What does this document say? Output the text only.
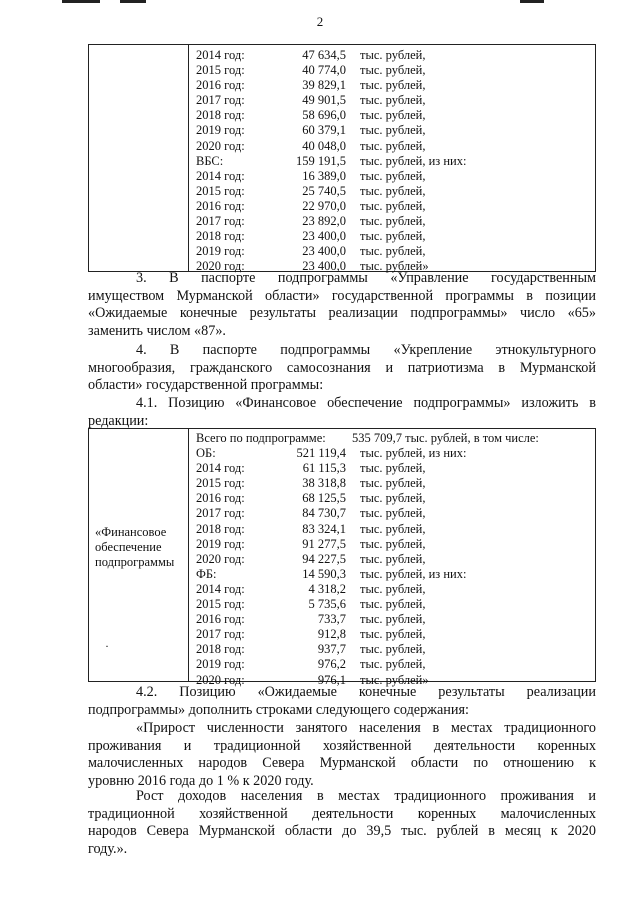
2
2014 год:	47 634,5 тыс. рублей,
2015 год:	40 774,0 тыс. рублей,
2016 год:	39 829,1 тыс. рублей,
2017 год:	49 901,5 тыс. рублей,
2018 год:	58 696,0 тыс. рублей,
2019 год:	60 379,1 тыс. рублей,
2020 год:	40 048,0 тыс. рублей,
ВБС:	159 191,5 тыс. рублей, из них:
2014 год:	16 389,0 тыс. рублей,
2015 год:	25 740,5 тыс. рублей,
2016 год:	22 970,0 тыс. рублей,
2017 год:	23 892,0 тыс. рублей,
2018 год:	23 400,0 тыс. рублей,
2019 год:	23 400,0 тыс. рублей,
2020 год:	23 400,0 тыс. рублей»
3. В паспорте подпрограммы «Управление государственным
имуществом Мурманской области» государственной программы в позиции
«Ожидаемые конечные результаты реализации подпрограммы» число «65»
заменить числом «87».
4. В паспорте подпрограммы «Укрепление этнокультурного
многообразия, гражданского самосознания и патриотизма в Мурманской
области» государственной программы:
4.1. Позицию «Финансовое обеспечение подпрограммы» изложить в
редакции:
«Финансовое
обеспечение
подпрограммы
·
Всего по подпрограмме: 535 709,7 тыс. рублей, в том числе:
ОБ:	521 119,4 тыс. рублей, из них:
2014 год:	61 115,3 тыс. рублей,
2015 год:	38 318,8 тыс. рублей,
2016 год:	68 125,5 тыс. рублей,
2017 год:	84 730,7 тыс. рублей,
2018 год:	83 324,1 тыс. рублей,
2019 год:	91 277,5 тыс. рублей,
2020 год:	94 227,5 тыс. рублей,
ФБ:	14 590,3 тыс. рублей, из них:
2014 год:	4 318,2 тыс. рублей,
2015 год:	5 735,6 тыс. рублей,
2016 год:	733,7 тыс. рублей,
2017 год:	912,8 тыс. рублей,
2018 год:	937,7 тыс. рублей,
2019 год:	976,2 тыс. рублей,
2020 год:	976,1 тыс. рублей»
4.2. Позицию «Ожидаемые конечные результаты реализации
подпрограммы» дополнить строками следующего содержания:
«Прирост численности занятого населения в местах традиционного
проживания и традиционной хозяйственной деятельности коренных
малочисленных народов Севера Мурманской области по отношению к
уровню 2016 года до 1 % к 2020 году.
Рост доходов населения в местах традиционного проживания и
традиционной хозяйственной деятельности коренных малочисленных
народов Севера Мурманской области до 39,5 тыс. рублей в месяц к 2020
году.».
